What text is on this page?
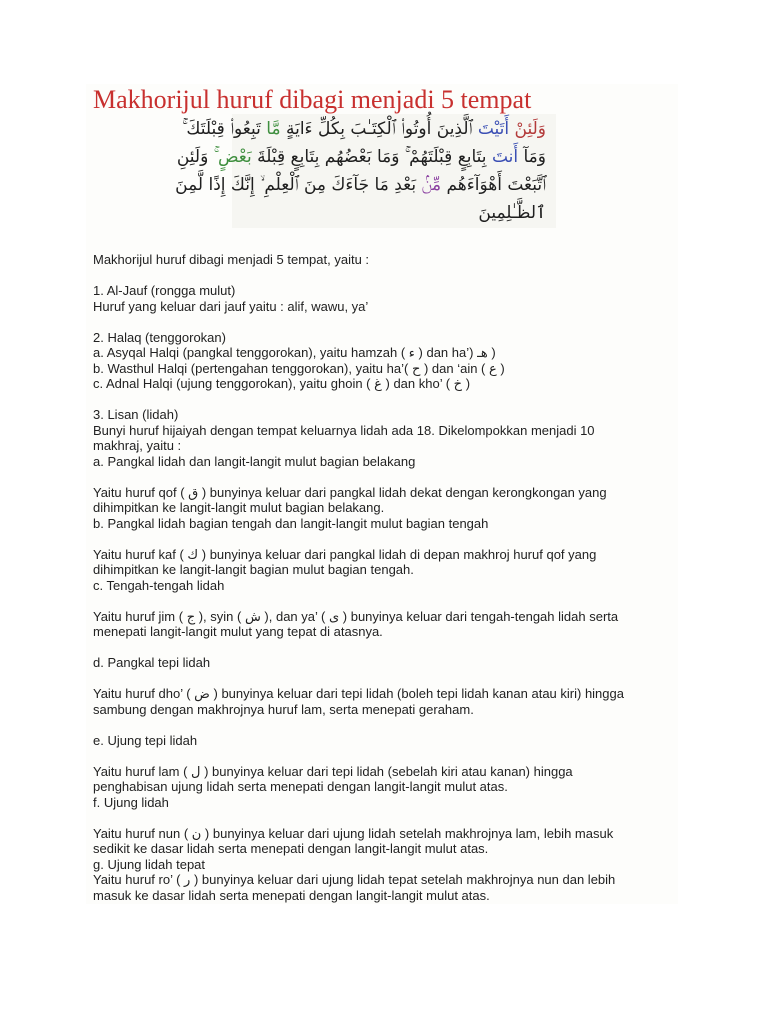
Makhorijul huruf dibagi menjadi 5 tempat
وَلَئِنْ أَتَيْتَ ٱلَّذِينَ أُوتُوا۟ ٱلْكِتَـٰبَ بِكُلِّ ءَايَةٍ مَّا تَبِعُوا۟ قِبْلَتَكَ ۚ
وَمَآ أَنتَ بِتَابِعٍ قِبْلَتَهُمْ ۚ وَمَا بَعْضُهُم بِتَابِعٍ قِبْلَةَ بَعْضٍ ۚ وَلَئِنِ
ٱتَّبَعْتَ أَهْوَآءَهُم مِّنۢ بَعْدِ مَا جَآءَكَ مِنَ ٱلْعِلْمِ ۙ إِنَّكَ إِذًا لَّمِنَ
ٱلظَّـٰلِمِينَ

Makhorijul huruf dibagi menjadi 5 tempat, yaitu :

1. Al-Jauf (rongga mulut)

Huruf yang keluar dari jauf yaitu : alif, wawu, ya’

2. Halaq (tenggorokan)

a. Asyqal Halqi (pangkal tenggorokan), yaitu hamzah ( ء ) dan ha’) هـ )

b. Wasthul Halqi (pertengahan tenggorokan), yaitu ha’( ح ) dan ‘ain ( ع )

c. Adnal Halqi (ujung tenggorokan), yaitu ghoin ( غ ) dan kho’ ( خ )

3. Lisan (lidah)

Bunyi huruf hijaiyah dengan tempat keluarnya lidah ada 18. Dikelompokkan menjadi 10

makhraj, yaitu :

a. Pangkal lidah dan langit-langit mulut bagian belakang

Yaitu huruf qof ( ق ) bunyinya keluar dari pangkal lidah dekat dengan kerongkongan yang

dihimpitkan ke langit-langit mulut bagian belakang.

b. Pangkal lidah bagian tengah dan langit-langit mulut bagian tengah

Yaitu huruf kaf ( ك ) bunyinya keluar dari pangkal lidah di depan makhroj huruf qof yang

dihimpitkan ke langit-langit bagian mulut bagian tengah.

c. Tengah-tengah lidah

Yaitu huruf jim ( ج ), syin ( ش ), dan ya’ ( ى ) bunyinya keluar dari tengah-tengah lidah serta

menepati langit-langit mulut yang tepat di atasnya.

d. Pangkal tepi lidah

Yaitu huruf dho’ ( ض ) bunyinya keluar dari tepi lidah (boleh tepi lidah kanan atau kiri) hingga

sambung dengan makhrojnya huruf lam, serta menepati geraham.

e. Ujung tepi lidah

Yaitu huruf lam ( ل ) bunyinya keluar dari tepi lidah (sebelah kiri atau kanan) hingga

penghabisan ujung lidah serta menepati dengan langit-langit mulut atas.

f. Ujung lidah

Yaitu huruf nun ( ن ) bunyinya keluar dari ujung lidah setelah makhrojnya lam, lebih masuk

sedikit ke dasar lidah serta menepati dengan langit-langit mulut atas.

g. Ujung lidah tepat

Yaitu huruf ro’ ( ر ) bunyinya keluar dari ujung lidah tepat setelah makhrojnya nun dan lebih

masuk ke dasar lidah serta menepati dengan langit-langit mulut atas.
